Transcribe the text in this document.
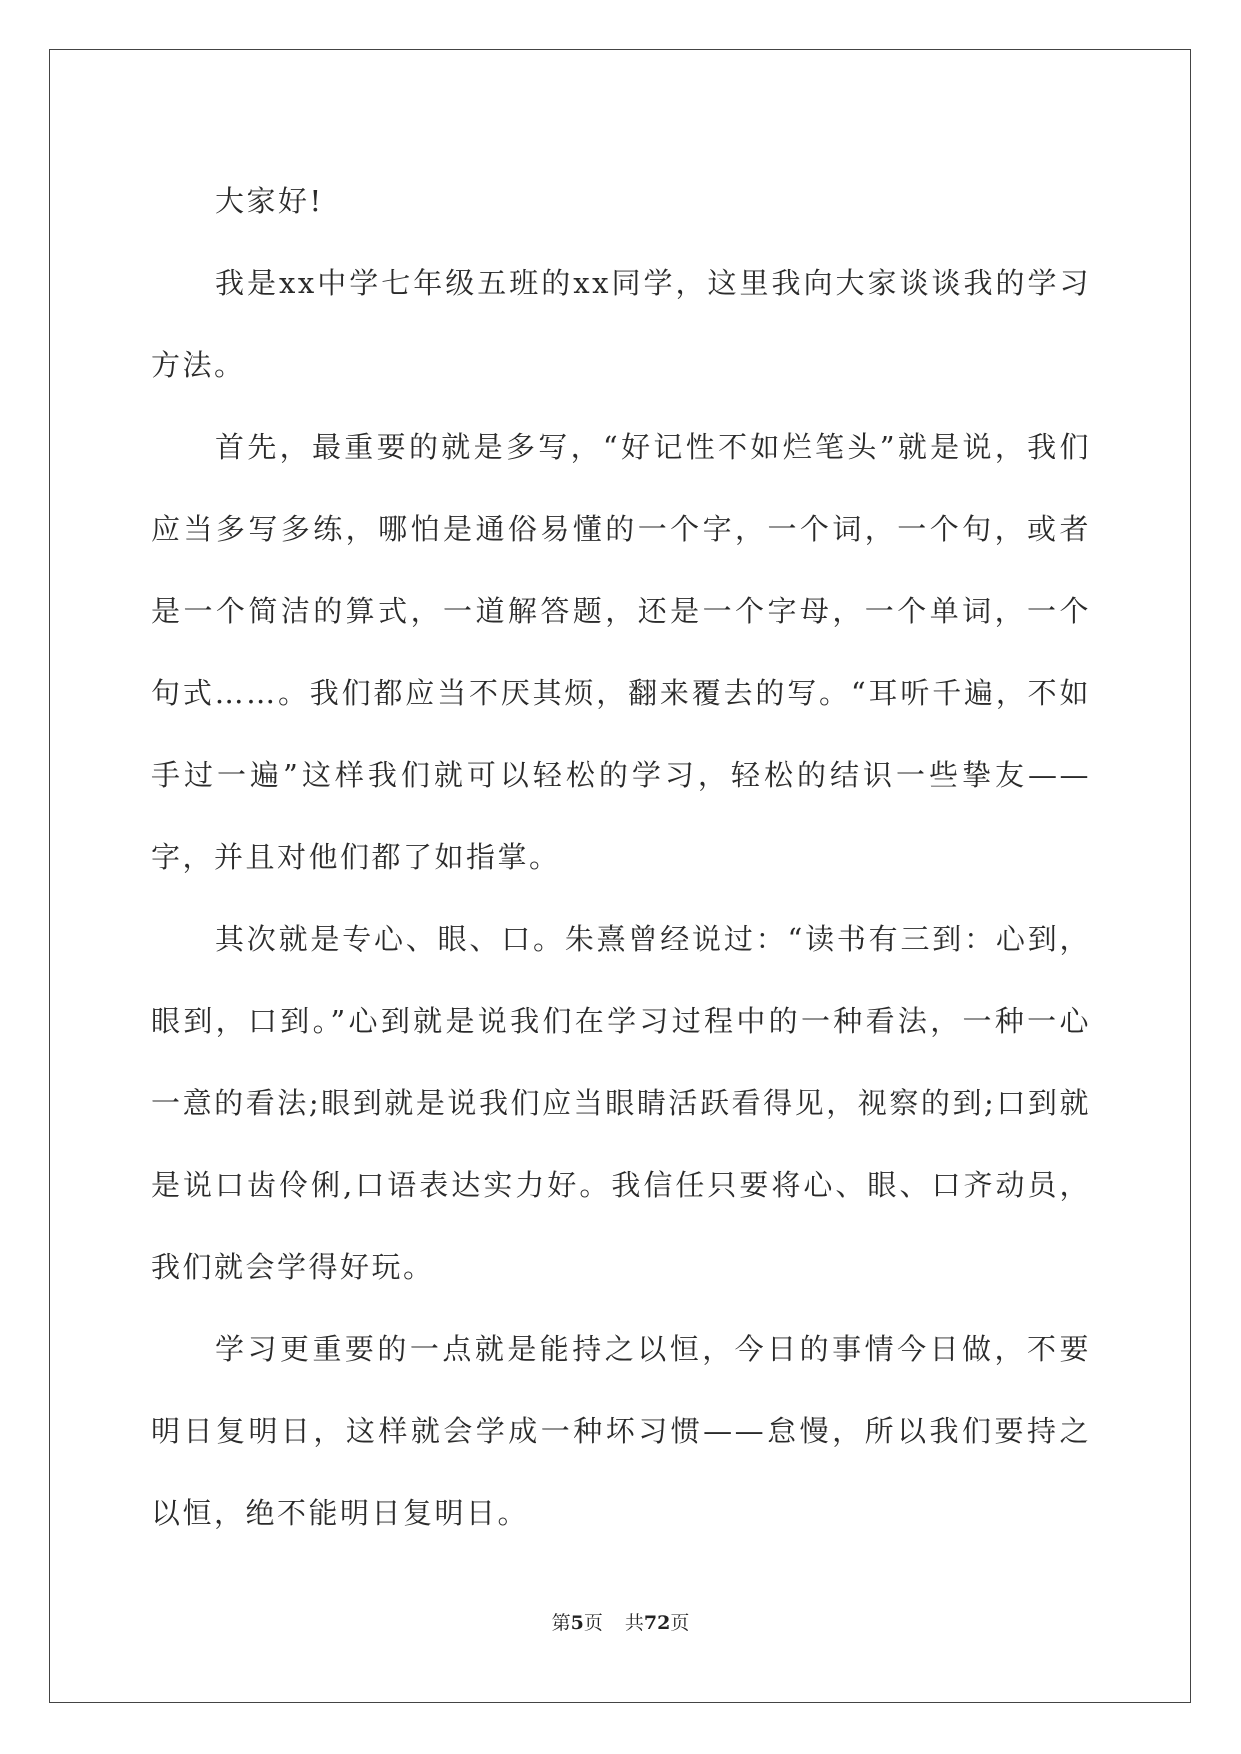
大家好!

我是xx中学七年级五班的xx同学，这里我向大家谈谈我的学习方法。

首先，最重要的就是多写，“好记性不如烂笔头”就是说，我们应当多写多练，哪怕是通俗易懂的一个字，一个词，一个句，或者是一个简洁的算式，一道解答题，还是一个字母，一个单词，一个句式……。我们都应当不厌其烦，翻来覆去的写。“耳听千遍，不如手过一遍”这样我们就可以轻松的学习，轻松的结识一些挚友——字，并且对他们都了如指掌。

其次就是专心、眼、口。朱熹曾经说过：“读书有三到：心到，眼到，口到。”心到就是说我们在学习过程中的一种看法，一种一心一意的看法;眼到就是说我们应当眼睛活跃看得见，视察的到;口到就是说口齿伶俐,口语表达实力好。我信任只要将心、眼、口齐动员，我们就会学得好玩。

学习更重要的一点就是能持之以恒，今日的事情今日做，不要明日复明日，这样就会学成一种坏习惯——怠慢，所以我们要持之以恒，绝不能明日复明日。

第5页 共72页
